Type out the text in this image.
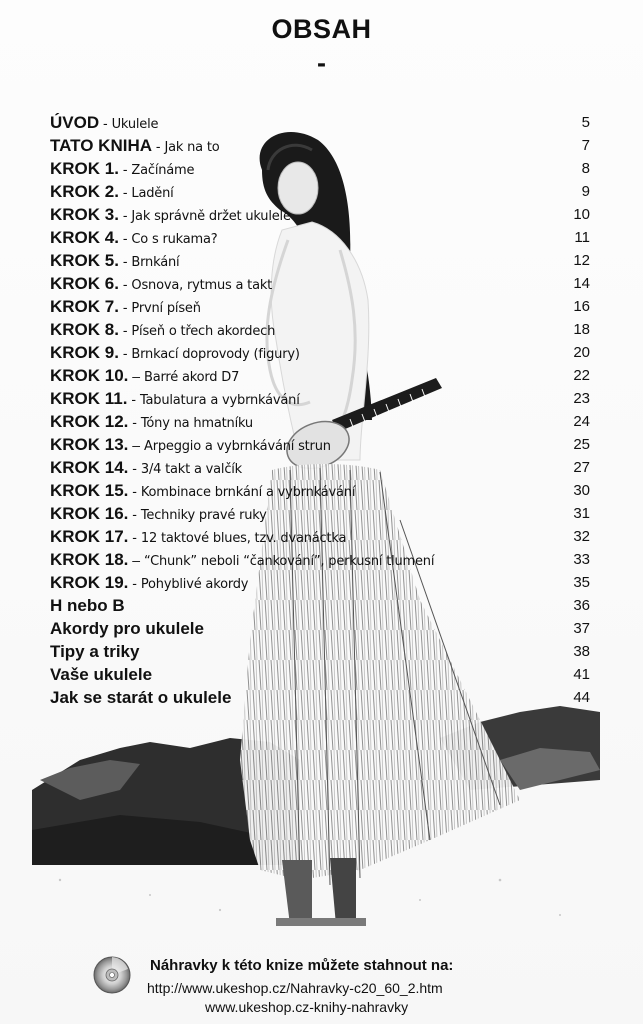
OBSAH
-
ÚVOD - Ukulele	5
TATO KNIHA - Jak na to	7
KROK 1. - Začínáme	8
KROK 2. - Ladění	9
KROK 3. - Jak správně držet ukulele	10
KROK 4. - Co s rukama?	11
KROK 5. - Brnkání	12
KROK 6. - Osnova, rytmus a takt	14
KROK 7. - První píseň	16
KROK 8. - Píseň o třech akordech	18
KROK 9. - Brnkací doprovody (figury)	20
KROK 10. – Barré akord D7	22
KROK 11. - Tabulatura a vybrnkávání	23
KROK 12. - Tóny na hmatníku	24
KROK 13. – Arpeggio a vybrnkávání strun	25
KROK 14. - 3/4 takt a valčík	27
KROK 15. - Kombinace brnkání a vybrnkávání	30
KROK 16. - Techniky pravé ruky	31
KROK 17. - 12 taktové blues, tzv. dvanáctka	32
KROK 18. – “Chunk” neboli “čankování”, perkusní tlumení	33
KROK 19. - Pohyblivé akordy	35
H nebo B	36
Akordy pro ukulele	37
Tipy a triky	38
Vaše ukulele	41
Jak se starát o ukulele	44
Náhravky k této knize můžete stahnout na:
http://www.ukeshop.cz/Nahravky-c20_60_2.htm
www.ukeshop.cz-knihy-nahravky
